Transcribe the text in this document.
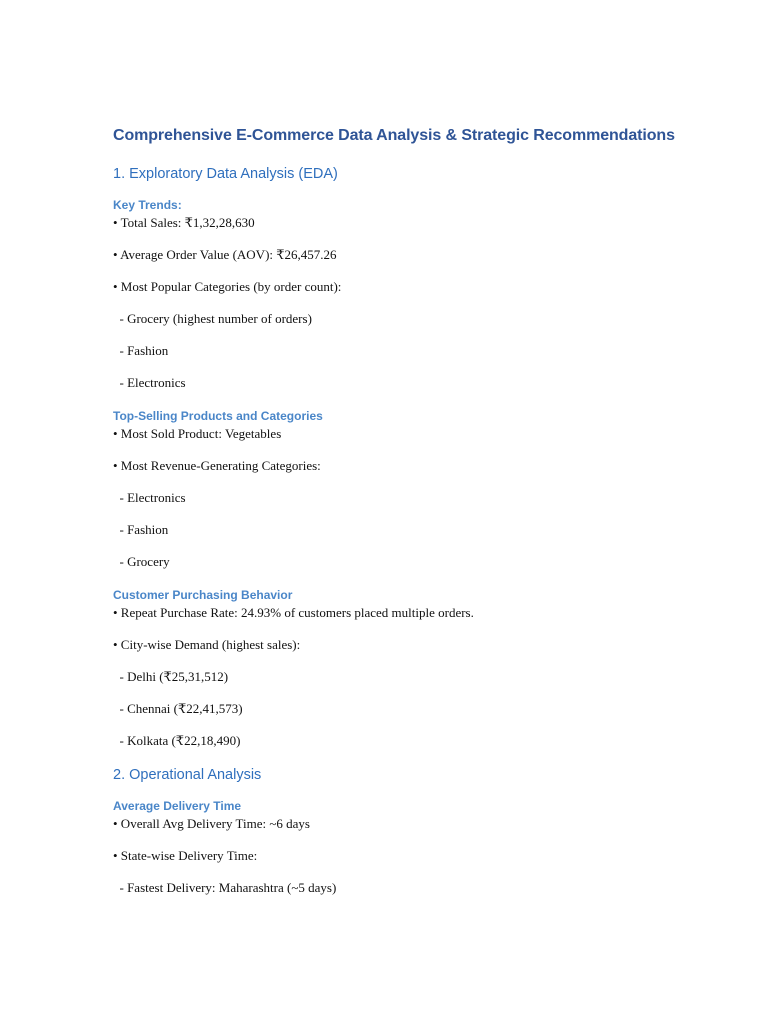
Comprehensive E-Commerce Data Analysis & Strategic Recommendations
1. Exploratory Data Analysis (EDA)
Key Trends:
• Total Sales: ₹1,32,28,630
• Average Order Value (AOV): ₹26,457.26
• Most Popular Categories (by order count):
- Grocery (highest number of orders)
- Fashion
- Electronics
Top-Selling Products and Categories
• Most Sold Product: Vegetables
• Most Revenue-Generating Categories:
- Electronics
- Fashion
- Grocery
Customer Purchasing Behavior
• Repeat Purchase Rate: 24.93% of customers placed multiple orders.
• City-wise Demand (highest sales):
- Delhi (₹25,31,512)
- Chennai (₹22,41,573)
- Kolkata (₹22,18,490)
2. Operational Analysis
Average Delivery Time
• Overall Avg Delivery Time: ~6 days
• State-wise Delivery Time:
- Fastest Delivery: Maharashtra (~5 days)
